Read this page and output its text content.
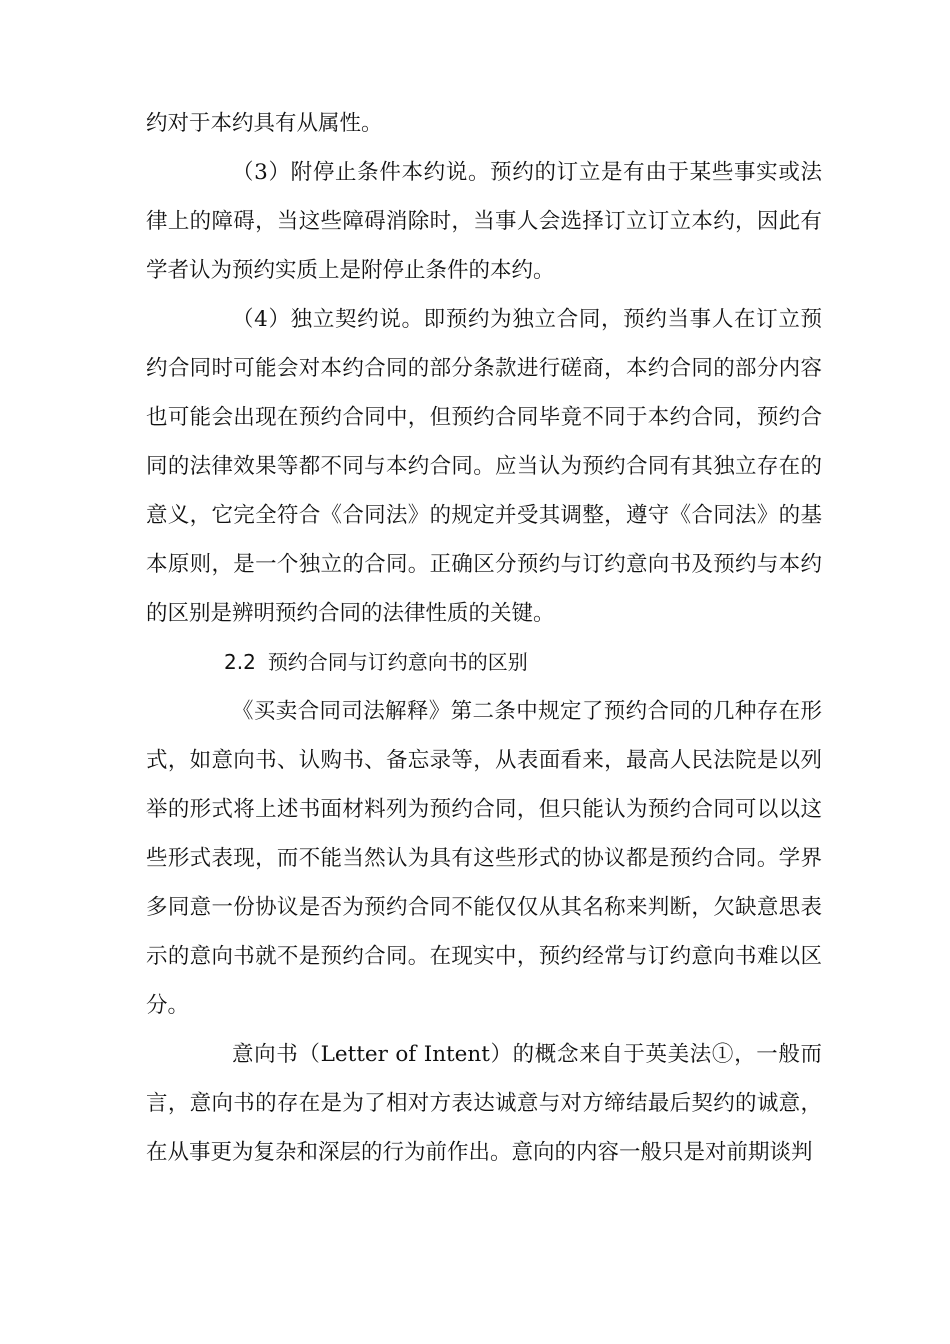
约对于本约具有从属性。

（3）附停止条件本约说。预约的订立是有由于某些事实或法律上的障碍，当这些障碍消除时，当事人会选择订立订立本约，因此有学者认为预约实质上是附停止条件的本约。

（4）独立契约说。即预约为独立合同，预约当事人在订立预约合同时可能会对本约合同的部分条款进行磋商，本约合同的部分内容也可能会出现在预约合同中，但预约合同毕竟不同于本约合同，预约合同的法律效果等都不同与本约合同。应当认为预约合同有其独立存在的意义，它完全符合《合同法》的规定并受其调整，遵守《合同法》的基本原则，是一个独立的合同。正确区分预约与订约意向书及预约与本约的区别是辨明预约合同的法律性质的关键。

2.2 预约合同与订约意向书的区别

《买卖合同司法解释》第二条中规定了预约合同的几种存在形式，如意向书、认购书、备忘录等，从表面看来，最高人民法院是以列举的形式将上述书面材料列为预约合同，但只能认为预约合同可以以这些形式表现，而不能当然认为具有这些形式的协议都是预约合同。学界多同意一份协议是否为预约合同不能仅仅从其名称来判断，欠缺意思表示的意向书就不是预约合同。在现实中，预约经常与订约意向书难以区分。

意向书（Letter of Intent）的概念来自于英美法①，一般而言，意向书的存在是为了相对方表达诚意与对方缔结最后契约的诚意，在从事更为复杂和深层的行为前作出。意向的内容一般只是对前期谈判
